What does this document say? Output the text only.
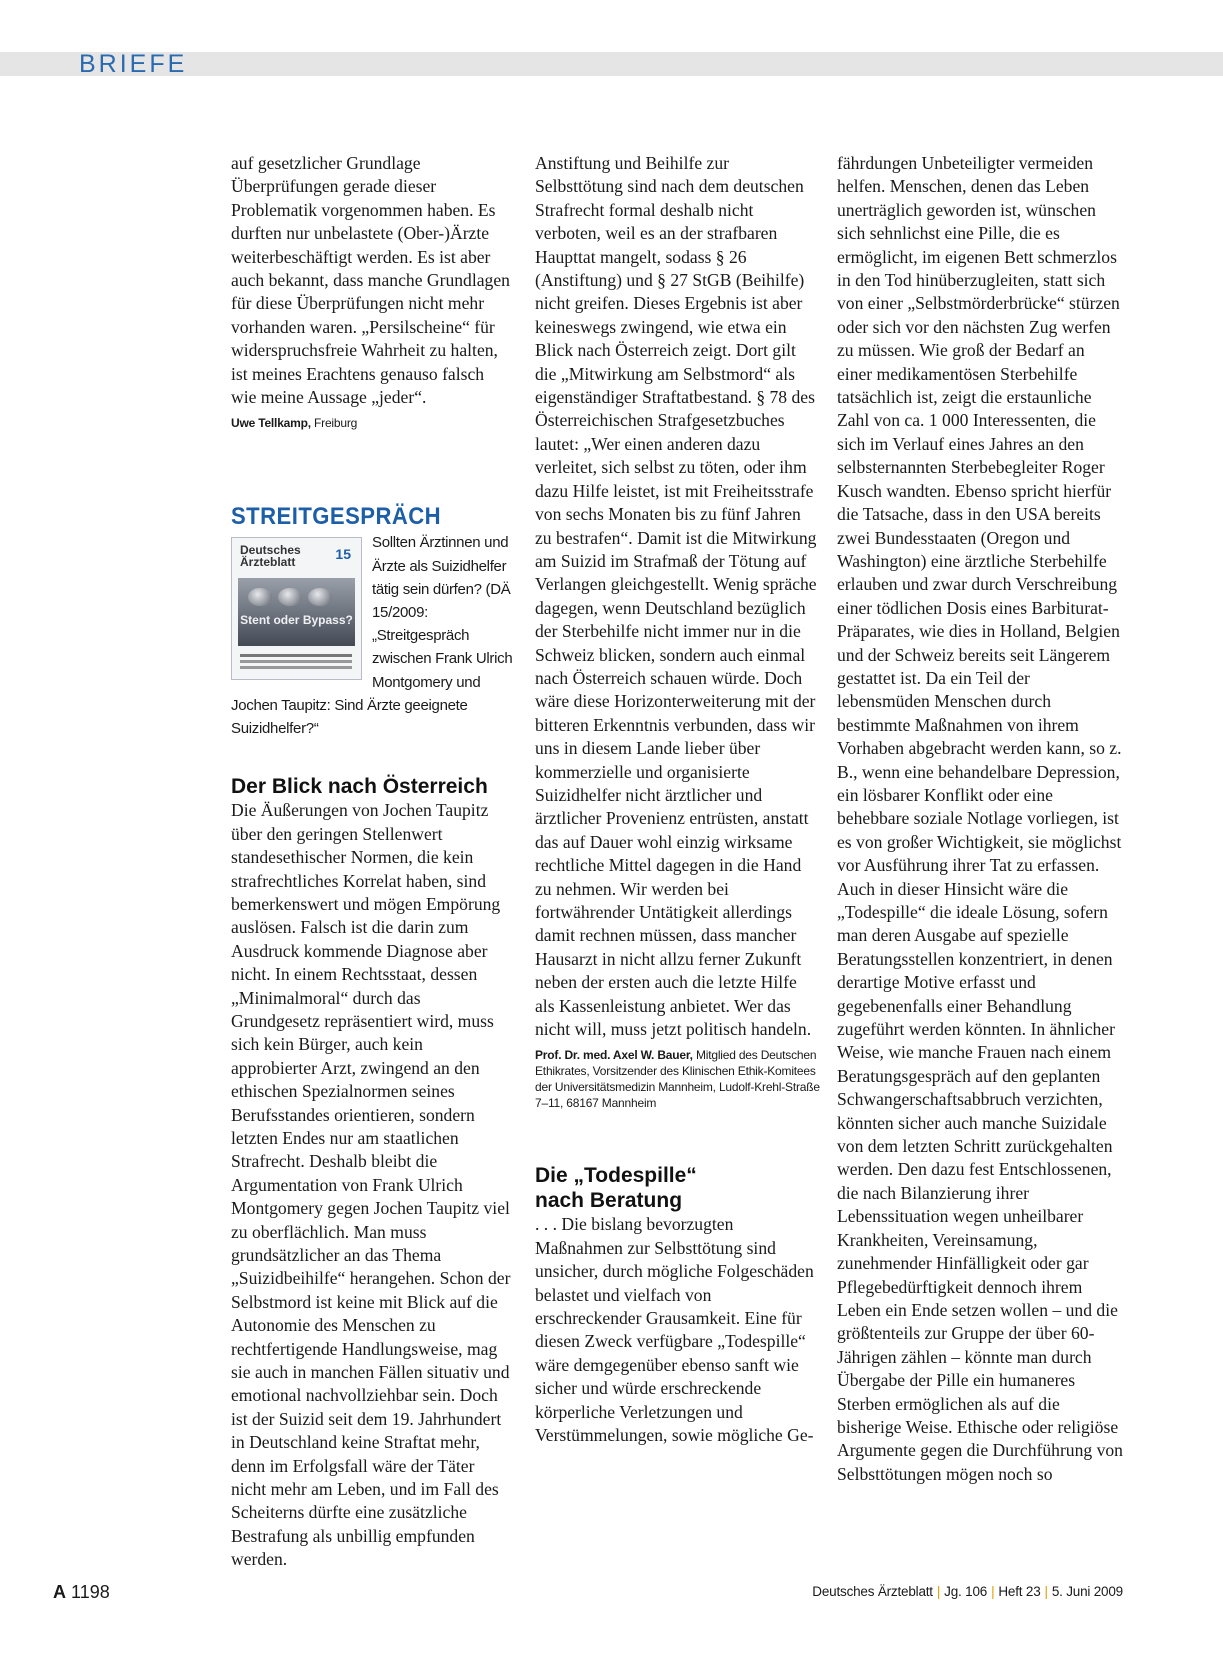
BRIEFE

auf gesetzlicher Grundlage Überprüfungen gerade dieser Problematik vorgenommen haben. Es durften nur unbelastete (Ober-)Ärzte weiterbeschäftigt werden. Es ist aber auch bekannt, dass manche Grundlagen für diese Überprüfungen nicht mehr vorhanden waren. „Persilscheine“ für widerspruchsfreie Wahrheit zu halten, ist meines Erachtens genauso falsch wie meine Aussage „jeder“.

Uwe Tellkamp, Freiburg

STREITGESPRÄCH
Deutsches Ärzteblatt	15
Stent oder Bypass?

Sollten Ärztinnen und Ärzte als Suizidhelfer tätig sein dürfen? (DÄ 15/2009: „Streitgespräch zwischen Frank Ulrich Montgomery und Jochen Taupitz: Sind Ärzte geeignete Suizidhelfer?“

Der Blick nach Österreich

Die Äußerungen von Jochen Taupitz über den geringen Stellenwert standesethischer Normen, die kein strafrechtliches Korrelat haben, sind bemerkenswert und mögen Empörung auslösen. Falsch ist die darin zum Ausdruck kommende Diagnose aber nicht. In einem Rechtsstaat, dessen „Minimalmoral“ durch das Grundgesetz repräsentiert wird, muss sich kein Bürger, auch kein approbierter Arzt, zwingend an den ethischen Spezialnormen seines Berufsstandes orientieren, sondern letzten Endes nur am staatlichen Strafrecht. Deshalb bleibt die Argumentation von Frank Ulrich Montgomery gegen Jochen Taupitz viel zu oberflächlich. Man muss grundsätzlicher an das Thema „Suizidbeihilfe“ herangehen. Schon der Selbstmord ist keine mit Blick auf die Autonomie des Menschen zu rechtfertigende Handlungsweise, mag sie auch in manchen Fällen situativ und emotional nachvollziehbar sein. Doch ist der Suizid seit dem 19. Jahrhundert in Deutschland keine Straftat mehr, denn im Erfolgsfall wäre der Täter nicht mehr am Leben, und im Fall des Scheiterns dürfte eine zusätzliche Bestrafung als unbillig empfunden werden.

Anstiftung und Beihilfe zur Selbsttötung sind nach dem deutschen Strafrecht formal deshalb nicht verboten, weil es an der strafbaren Haupttat mangelt, sodass § 26 (Anstiftung) und § 27 StGB (Beihilfe) nicht greifen. Dieses Ergebnis ist aber keineswegs zwingend, wie etwa ein Blick nach Österreich zeigt. Dort gilt die „Mitwirkung am Selbstmord“ als eigenständiger Straftatbestand. § 78 des Österreichischen Strafgesetzbuches lautet: „Wer einen anderen dazu verleitet, sich selbst zu töten, oder ihm dazu Hilfe leistet, ist mit Freiheitsstrafe von sechs Monaten bis zu fünf Jahren zu bestrafen“. Damit ist die Mitwirkung am Suizid im Strafmaß der Tötung auf Verlangen gleichgestellt. Wenig spräche dagegen, wenn Deutschland bezüglich der Sterbehilfe nicht immer nur in die Schweiz blicken, sondern auch einmal nach Österreich schauen würde. Doch wäre diese Horizonterweiterung mit der bitteren Erkenntnis verbunden, dass wir uns in diesem Lande lieber über kommerzielle und organisierte Suizidhelfer nicht ärztlicher und ärztlicher Provenienz entrüsten, anstatt das auf Dauer wohl einzig wirksame rechtliche Mittel dagegen in die Hand zu nehmen. Wir werden bei fortwährender Untätigkeit allerdings damit rechnen müssen, dass mancher Hausarzt in nicht allzu ferner Zukunft neben der ersten auch die letzte Hilfe als Kassenleistung anbietet. Wer das nicht will, muss jetzt politisch handeln.

Prof. Dr. med. Axel W. Bauer, Mitglied des Deutschen Ethikrates, Vorsitzender des Klinischen Ethik-Komitees der Universitätsmedizin Mannheim, Ludolf-Krehl-Straße 7–11, 68167 Mannheim

Die „Todespille“
nach Beratung

. . . Die bislang bevorzugten Maßnahmen zur Selbsttötung sind unsicher, durch mögliche Folgeschäden belastet und vielfach von erschreckender Grausamkeit. Eine für diesen Zweck verfügbare „Todespille“ wäre demgegenüber ebenso sanft wie sicher und würde erschreckende körperliche Verletzungen und Verstümmelungen, sowie mögliche Ge-

fährdungen Unbeteiligter vermeiden helfen. Menschen, denen das Leben unerträglich geworden ist, wünschen sich sehnlichst eine Pille, die es ermöglicht, im eigenen Bett schmerzlos in den Tod hinüberzugleiten, statt sich von einer „Selbstmörderbrücke“ stürzen oder sich vor den nächsten Zug werfen zu müssen. Wie groß der Bedarf an einer medikamentösen Sterbehilfe tatsächlich ist, zeigt die erstaunliche Zahl von ca. 1 000 Interessenten, die sich im Verlauf eines Jahres an den selbsternannten Sterbebegleiter Roger Kusch wandten. Ebenso spricht hierfür die Tatsache, dass in den USA bereits zwei Bundesstaaten (Oregon und Washington) eine ärztliche Sterbehilfe erlauben und zwar durch Verschreibung einer tödlichen Dosis eines Barbiturat-Präparates, wie dies in Holland, Belgien und der Schweiz bereits seit Längerem gestattet ist. Da ein Teil der lebensmüden Menschen durch bestimmte Maßnahmen von ihrem Vorhaben abgebracht werden kann, so z. B., wenn eine behandelbare Depression, ein lösbarer Konflikt oder eine behebbare soziale Notlage vorliegen, ist es von großer Wichtigkeit, sie möglichst vor Ausführung ihrer Tat zu erfassen. Auch in dieser Hinsicht wäre die „Todespille“ die ideale Lösung, sofern man deren Ausgabe auf spezielle Beratungsstellen konzentriert, in denen derartige Motive erfasst und gegebenenfalls einer Behandlung zugeführt werden könnten. In ähnlicher Weise, wie manche Frauen nach einem Beratungsgespräch auf den geplanten Schwangerschaftsabbruch verzichten, könnten sicher auch manche Suizidale von dem letzten Schritt zurückgehalten werden. Den dazu fest Entschlossenen, die nach Bilanzierung ihrer Lebenssituation wegen unheilbarer Krankheiten, Vereinsamung, zunehmender Hinfälligkeit oder gar Pflegebedürftigkeit dennoch ihrem Leben ein Ende setzen wollen – und die größtenteils zur Gruppe der über 60-Jährigen zählen – könnte man durch Übergabe der Pille ein humaneres Sterben ermöglichen als auf die bisherige Weise. Ethische oder religiöse Argumente gegen die Durchführung von Selbsttötungen mögen noch so

A 1198	Deutsches Ärzteblatt | Jg. 106 | Heft 23 | 5. Juni 2009
